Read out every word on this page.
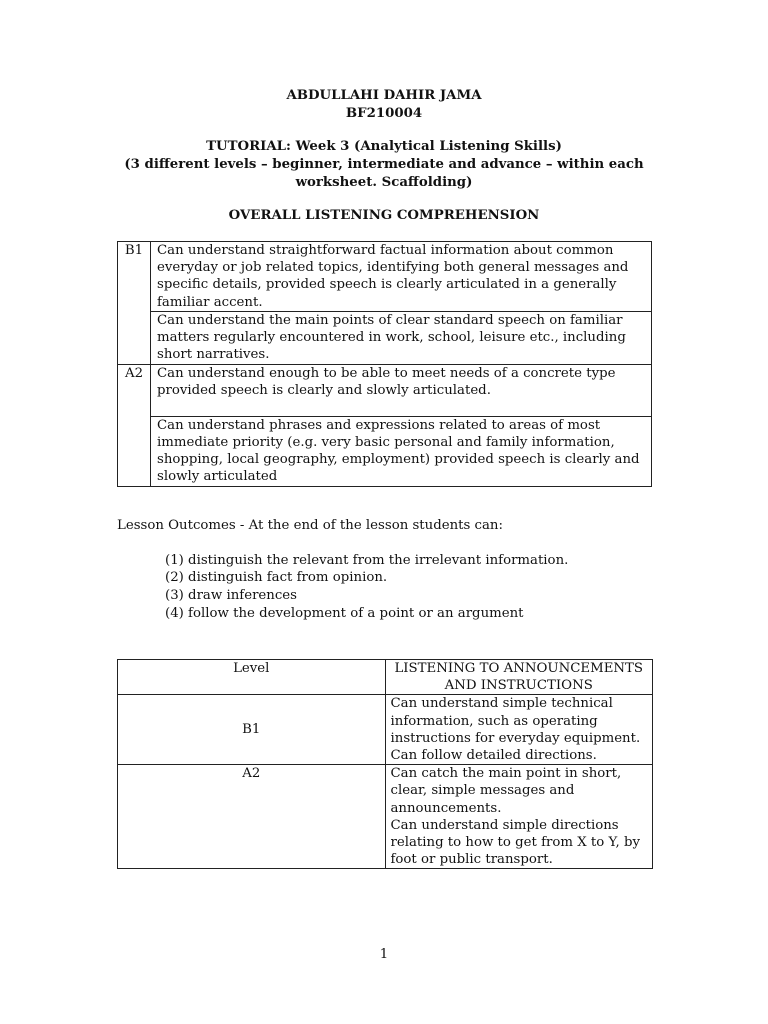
ABDULLAHI DAHIR JAMA
BF210004
TUTORIAL: Week 3 (Analytical Listening Skills)
(3 different levels – beginner, intermediate and advance – within each
worksheet. Scaffolding)
OVERALL LISTENING COMPREHENSION
B1	Can understand straightforward factual information about common everyday or job related topics, identifying both general messages and specific details, provided speech is clearly articulated in a generally familiar accent.
	Can understand the main points of clear standard speech on familiar matters regularly encountered in work, school, leisure etc., including short narratives.
A2	Can understand enough to be able to meet needs of a concrete type provided speech is clearly and slowly articulated.
	Can understand phrases and expressions related to areas of most immediate priority (e.g. very basic personal and family information, shopping, local geography, employment) provided speech is clearly and slowly articulated
Lesson Outcomes - At the end of the lesson students can:
(1) distinguish the relevant from the irrelevant information.
(2) distinguish fact from opinion.
(3) draw inferences
(4) follow the development of a point or an argument
Level	LISTENING TO ANNOUNCEMENTS AND INSTRUCTIONS
B1	Can understand simple technical information, such as operating instructions for everyday equipment.
Can follow detailed directions.

A2	Can catch the main point in short, clear, simple messages and announcements.
Can understand simple directions relating to how to get from X to Y, by foot or public transport.
1
